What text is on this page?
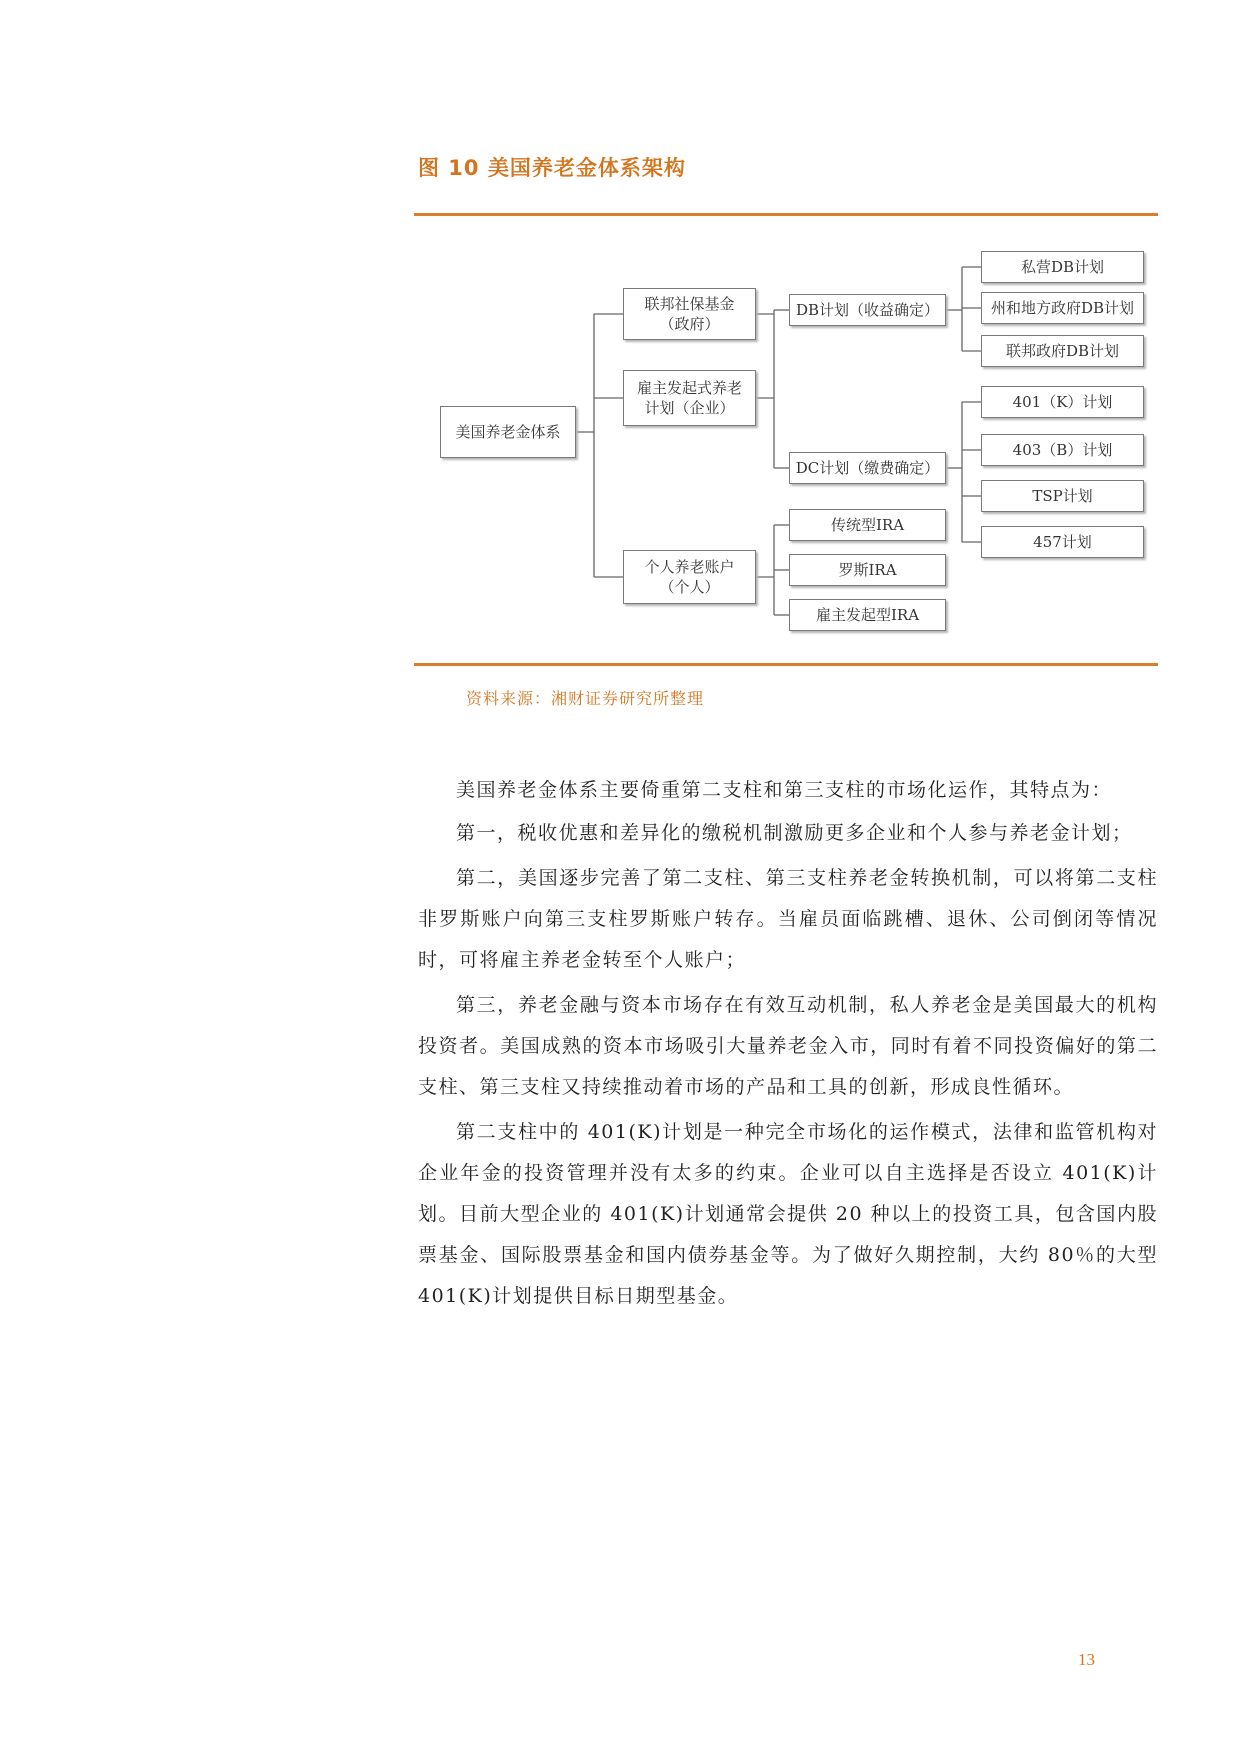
图 10 美国养老金体系架构
美国养老金体系
联邦社保基金
（政府）
雇主发起式养老
计划（企业）
个人养老账户
（个人）
DB计划（收益确定）
DC计划（缴费确定）
私营DB计划
州和地方政府DB计划
联邦政府DB计划
401（K）计划
403（B）计划
TSP计划
457计划
传统型IRA
罗斯IRA
雇主发起型IRA
资料来源：湘财证券研究所整理

美国养老金体系主要倚重第二支柱和第三支柱的市场化运作，其特点为：

第一，税收优惠和差异化的缴税机制激励更多企业和个人参与养老金计划；

第二，美国逐步完善了第二支柱、第三支柱养老金转换机制，可以将第二支柱非罗斯账户向第三支柱罗斯账户转存。当雇员面临跳槽、退休、公司倒闭等情况时，可将雇主养老金转至个人账户；

第三，养老金融与资本市场存在有效互动机制，私人养老金是美国最大的机构投资者。美国成熟的资本市场吸引大量养老金入市，同时有着不同投资偏好的第二支柱、第三支柱又持续推动着市场的产品和工具的创新，形成良性循环。

第二支柱中的 401(K)计划是一种完全市场化的运作模式，法律和监管机构对企业年金的投资管理并没有太多的约束。企业可以自主选择是否设立 401(K)计划。目前大型企业的 401(K)计划通常会提供 20 种以上的投资工具，包含国内股票基金、国际股票基金和国内债券基金等。为了做好久期控制，大约 80％的大型 401(K)计划提供目标日期型基金。

13
